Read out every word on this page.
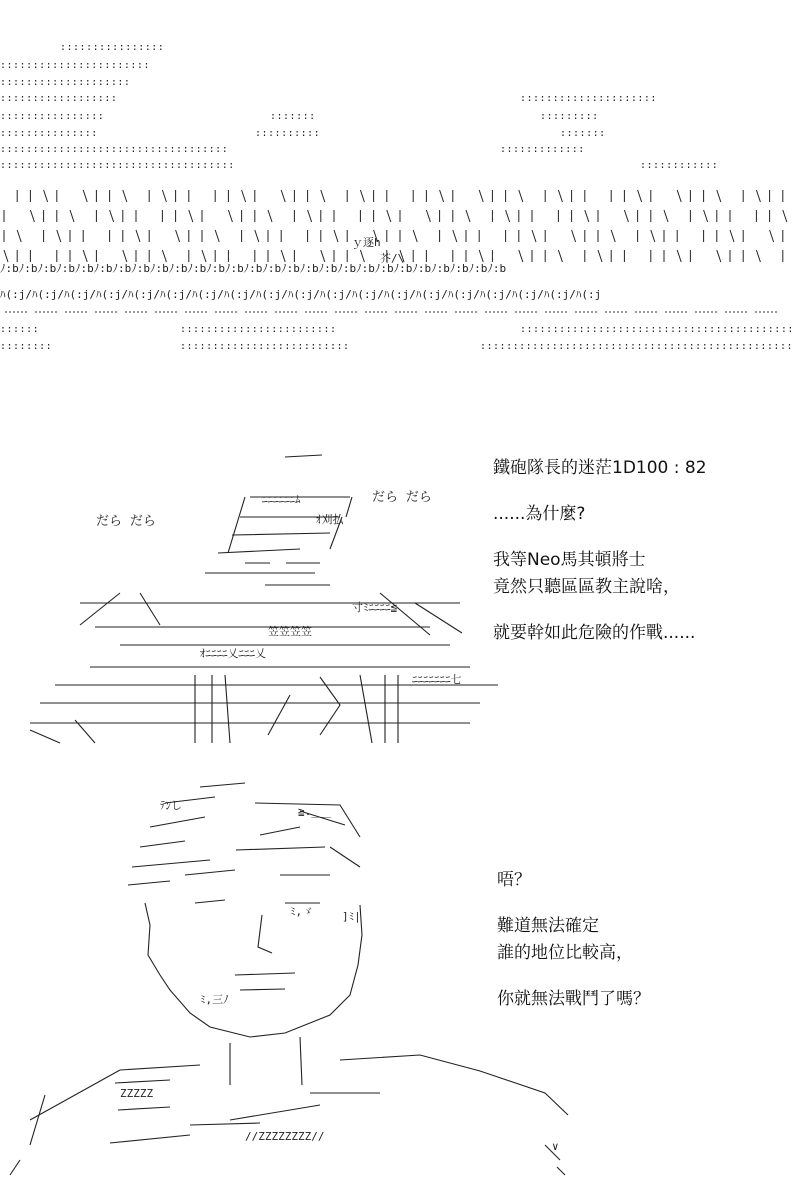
::::::::::::::::
:::::::::::::::::::::::
::::::::::::::::::::
::::::::::::::::::	:::::::::::::::::::::
::::::::::::::::	:::::::	:::::::::
:::::::::::::::	::::::::::	:::::::
:::::::::::::::::::::::::::::::::::	:::::::::::::
::::::::::::::::::::::::::::::::::::	::::::::::::
::::::	::::::::::::::::::::::::	::::::::::::::::::::::::::::::::::::::::::
::::::::	::::::::::::::::::::::::::	::::::::::::::::::::::::::::::::::::::::::::::::
ﾉ:bﾉ:bﾉ:bﾉ:bﾉ:bﾉ:bﾉ:bﾉ:bﾉ:bﾉ:bﾉ:bﾉ:bﾉ:bﾉ:bﾉ:bﾉ:bﾉ:bﾉ:bﾉ:bﾉ:bﾉ:bﾉ:bﾉ:bﾉ:bﾉ:bﾉ:bﾉ:b
ﾊ(:j/ﾊ(:j/ﾊ(:j/ﾊ(:j/ﾊ(:j/ﾊ(:j/ﾊ(:j/ﾊ(:j/ﾊ(:j/ﾊ(:j/ﾊ(:j/ﾊ(:j/ﾊ(:j/ﾊ(:j/ﾊ(:j/ﾊ(:j/ﾊ(:j/ﾊ(:j/ﾊ(:j
ｙ逐h
芥/\
ﾆﾆﾆﾆﾆﾆﾑ
ｵ刈払
寸ﾐﾆﾆﾆﾆ≦
笠笠笠笠
ｵﾆﾆﾆﾆ乂ﾆﾆﾆ乂
ﾆﾆﾆﾆﾆﾆﾆ七
だら だら
だら だら

鐵砲隊長的迷茫1D100 : 82

......為什麼?

我等Neo馬其頓將士

竟然只聽區區教主說啥，

就要幹如此危險的作戰......

ﾃﾝし	≧.___
ﾐ,ゞ	]ﾐ|
ﾐ,三ﾉ
ZZZZZ
//ZZZZZZZZ//
∨

唔？

難道無法確定

誰的地位比較高，

你就無法戰鬥了嗎？
